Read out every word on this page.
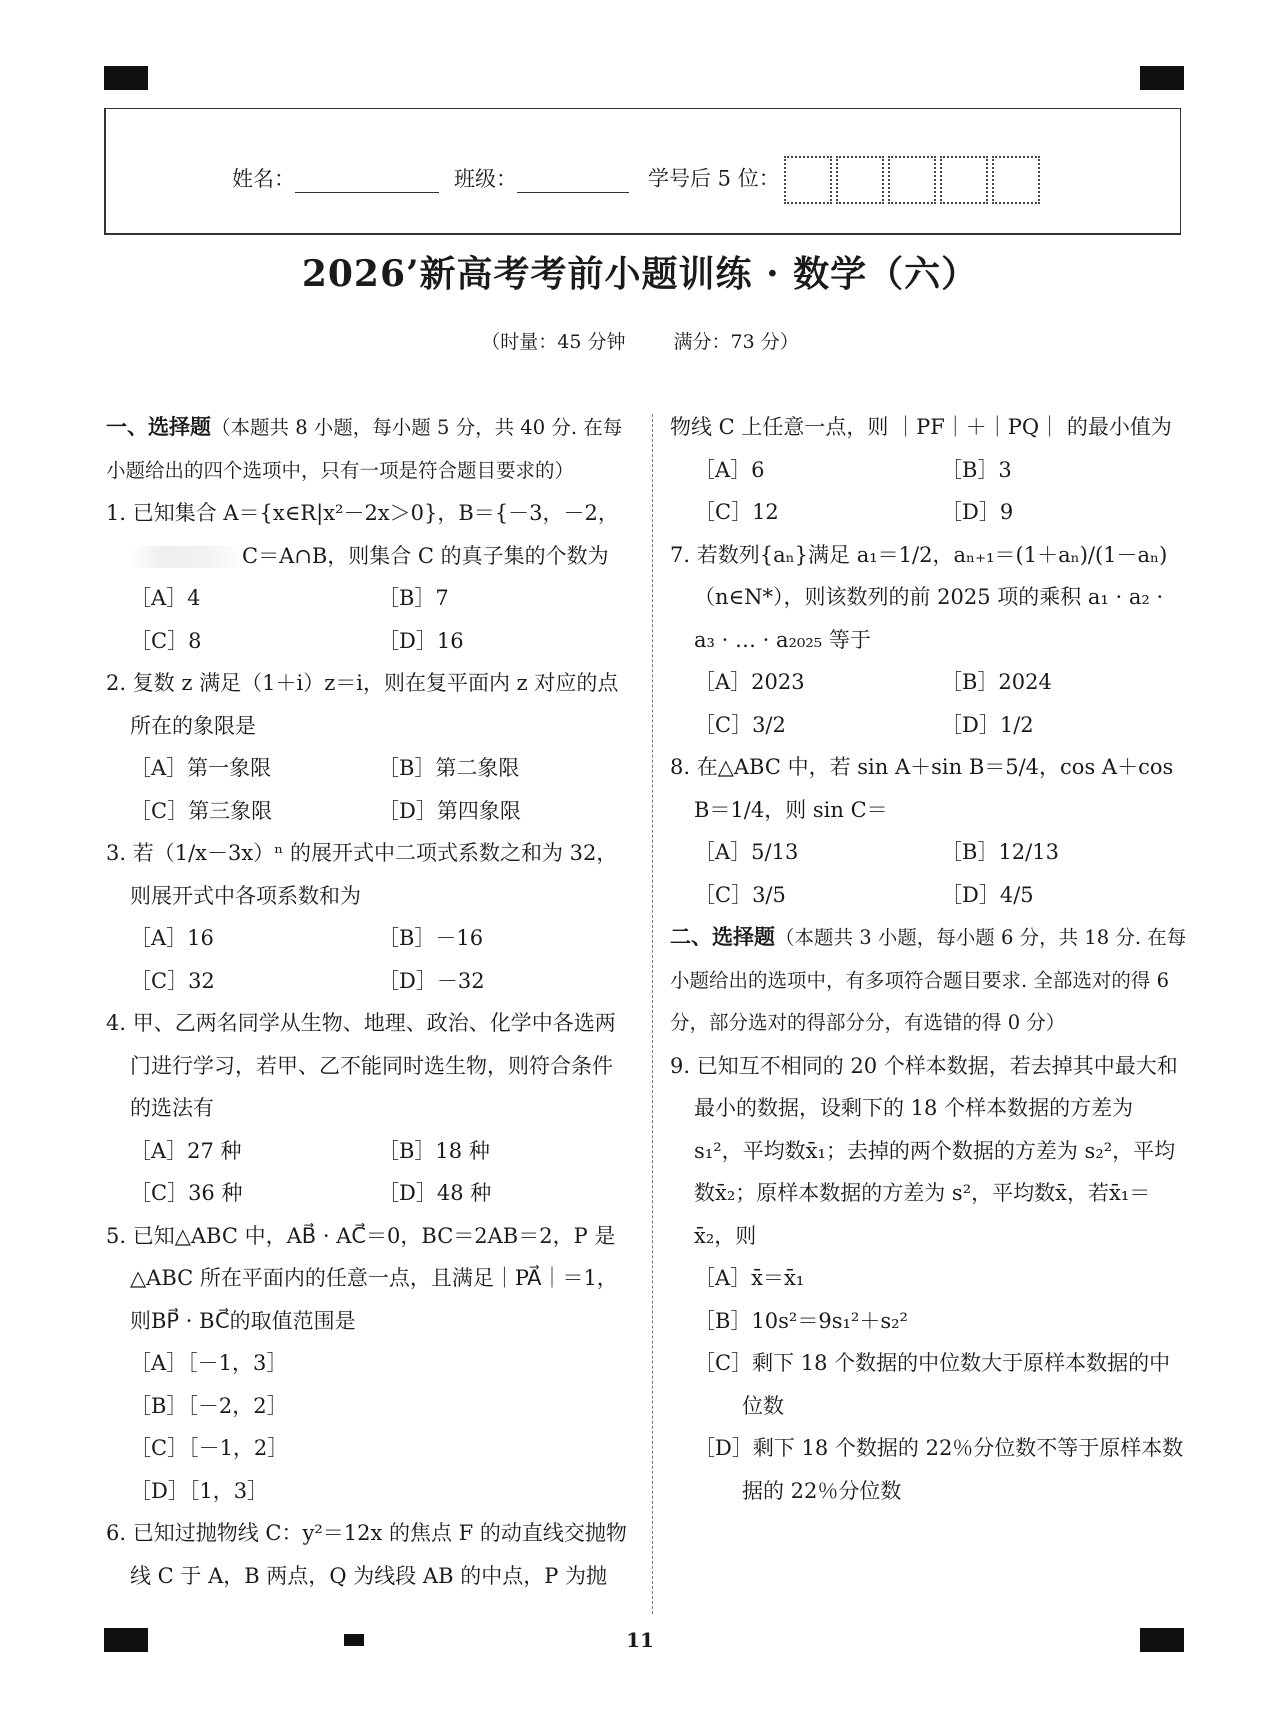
姓名：	班级：	学号后 5 位：
2026’新高考考前小题训练 · 数学（六）
（时量：45 分钟	满分：73 分）
一、选择题（本题共 8 小题，每小题 5 分，共 40 分. 在每小题给出的四个选项中，只有一项是符合题目要求的）
1. 已知集合 A＝{x∈R|x²－2x＞0}，B＝{－3，－2，
C＝A∩B，则集合 C 的真子集的个数为
［A］4	［B］7
［C］8	［D］16
2. 复数 z 满足（1＋i）z＝i，则在复平面内 z 对应的点所在的象限是
［A］第一象限	［B］第二象限
［C］第三象限	［D］第四象限
3. 若（1/x－3x）ⁿ 的展开式中二项式系数之和为 32，则展开式中各项系数和为
［A］16	［B］－16
［C］32	［D］－32
4. 甲、乙两名同学从生物、地理、政治、化学中各选两门进行学习，若甲、乙不能同时选生物，则符合条件的选法有
［A］27 种	［B］18 种
［C］36 种	［D］48 种
5. 已知△ABC 中，AB⃗ · AC⃗＝0，BC＝2AB＝2，P 是△ABC 所在平面内的任意一点，且满足｜PA⃗｜＝1，则BP⃗ · BC⃗的取值范围是
［A］［－1，3］
［B］［－2，2］
［C］［－1，2］
［D］［1，3］
6. 已知过抛物线 C：y²＝12x 的焦点 F 的动直线交抛物线 C 于 A，B 两点，Q 为线段 AB 的中点，P 为抛
物线 C 上任意一点，则 ｜PF｜＋｜PQ｜ 的最小值为
［A］6	［B］3
［C］12	［D］9
7. 若数列{aₙ}满足 a₁＝1/2，aₙ₊₁＝(1＋aₙ)/(1－aₙ)（n∈N*），则该数列的前 2025 项的乘积 a₁ · a₂ · a₃ · … · a₂₀₂₅ 等于
［A］2023	［B］2024
［C］3/2	［D］1/2
8. 在△ABC 中，若 sin A＋sin B＝5/4，cos A＋cos B＝1/4，则 sin C＝
［A］5/13	［B］12/13
［C］3/5	［D］4/5
二、选择题（本题共 3 小题，每小题 6 分，共 18 分. 在每小题给出的选项中，有多项符合题目要求. 全部选对的得 6 分，部分选对的得部分分，有选错的得 0 分）
9. 已知互不相同的 20 个样本数据，若去掉其中最大和最小的数据，设剩下的 18 个样本数据的方差为 s₁²，平均数x̄₁；去掉的两个数据的方差为 s₂²，平均数x̄₂；原样本数据的方差为 s²，平均数x̄，若x̄₁＝x̄₂，则
［A］x̄＝x̄₁
［B］10s²＝9s₁²＋s₂²
［C］剩下 18 个数据的中位数大于原样本数据的中位数
［D］剩下 18 个数据的 22％分位数不等于原样本数据的 22％分位数
11
